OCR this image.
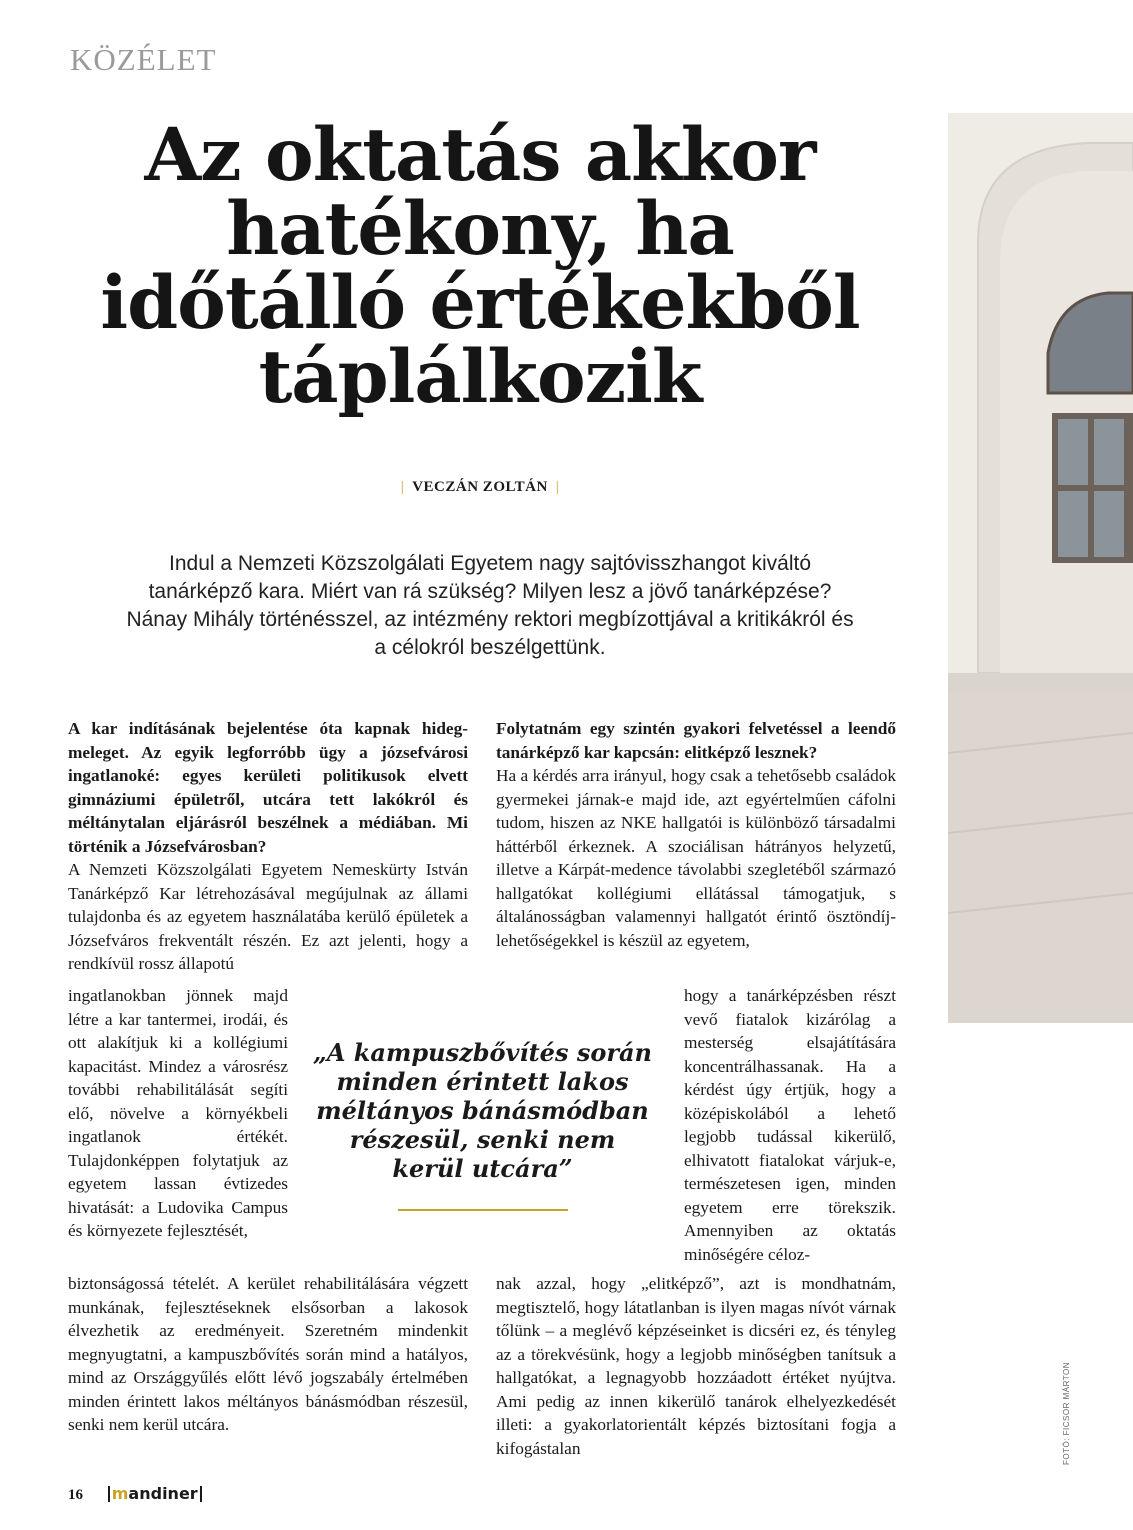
KÖZÉLET
Az oktatás akkor hatékony, ha időtálló értékekből táplálkozik
| VECZÁN ZOLTÁN |

Indul a Nemzeti Közszolgálati Egyetem nagy sajtóvisszhangot kiváltó tanárképző kara. Miért van rá szükség? Milyen lesz a jövő tanárképzése? Nánay Mihály történésszel, az intézmény rektori megbízottjával a kritikákról és a célokról beszélgettünk.

A kar indításának bejelentése óta kapnak hideg-meleget. Az egyik legforróbb ügy a józsefvárosi ingatlanoké: egyes kerületi politikusok elvett gimnáziumi épületről, utcára tett lakókról és méltánytalan eljárásról beszélnek a médiában. Mi történik a Józsefvárosban?

A Nemzeti Közszolgálati Egyetem Nemeskürty István Tanárképző Kar létrehozásával megújulnak az állami tulajdonba és az egyetem használatába kerülő épületek a Józsefváros frekventált részén. Ez azt jelenti, hogy a rendkívül rossz állapotú

ingatlanokban jönnek majd létre a kar tantermei, irodái, és ott alakítjuk ki a kollégiumi kapacitást. Mindez a városrész további rehabilitálását segíti elő, növelve a környékbeli ingatlanok értékét. Tulajdonképpen folytatjuk az egyetem lassan évtizedes hivatását: a Ludovika Campus és környezete fejlesztését,

biztonságossá tételét. A kerület rehabilitálására végzett munkának, fejlesztéseknek elsősorban a lakosok élvezhetik az eredményeit. Szeretném mindenkit megnyugtatni, a kampuszbővítés során mind a hatályos, mind az Országgyűlés előtt lévő jogszabály értelmében minden érintett lakos méltányos bánásmódban részesül, senki nem kerül utcára.

Folytatnám egy szintén gyakori felvetéssel a leendő tanárképző kar kapcsán: elitképző lesznek?

Ha a kérdés arra irányul, hogy csak a tehetősebb családok gyermekei járnak-e majd ide, azt egyértelműen cáfolni tudom, hiszen az NKE hallgatói is különböző társadalmi háttérből érkeznek. A szociálisan hátrányos helyzetű, illetve a Kárpát-medence távolabbi szegletéből származó hallgatókat kollégiumi ellátással támogatjuk, s általánosságban valamennyi hallgatót érintő ösztöndíj-lehetőségekkel is készül az egyetem,

hogy a tanárképzésben részt vevő fiatalok kizárólag a mesterség elsajátítására koncentrálhassanak. Ha a kérdést úgy értjük, hogy a középiskolából a lehető legjobb tudással kikerülő, elhivatott fiatalokat várjuk-e, természetesen igen, minden egyetem erre törekszik. Amennyiben az oktatás minőségére céloz-

nak azzal, hogy „elitképző”, azt is mondhatnám, megtisztelő, hogy látatlanban is ilyen magas nívót várnak tőlünk – a meglévő képzéseinket is dicséri ez, és tényleg az a törekvésünk, hogy a legjobb minőségben tanítsuk a hallgatókat, a legnagyobb hozzáadott értéket nyújtva. Ami pedig az innen kikerülő tanárok elhelyezkedését illeti: a gyakorlatorientált képzés biztosítani fogja a kifogástalan

„A kampuszbővítés során minden érintett lakos méltányos bánásmódban részesül, senki nem kerül utcára”

FOTÓ: FICSOR MÁRTON
16 mandiner
